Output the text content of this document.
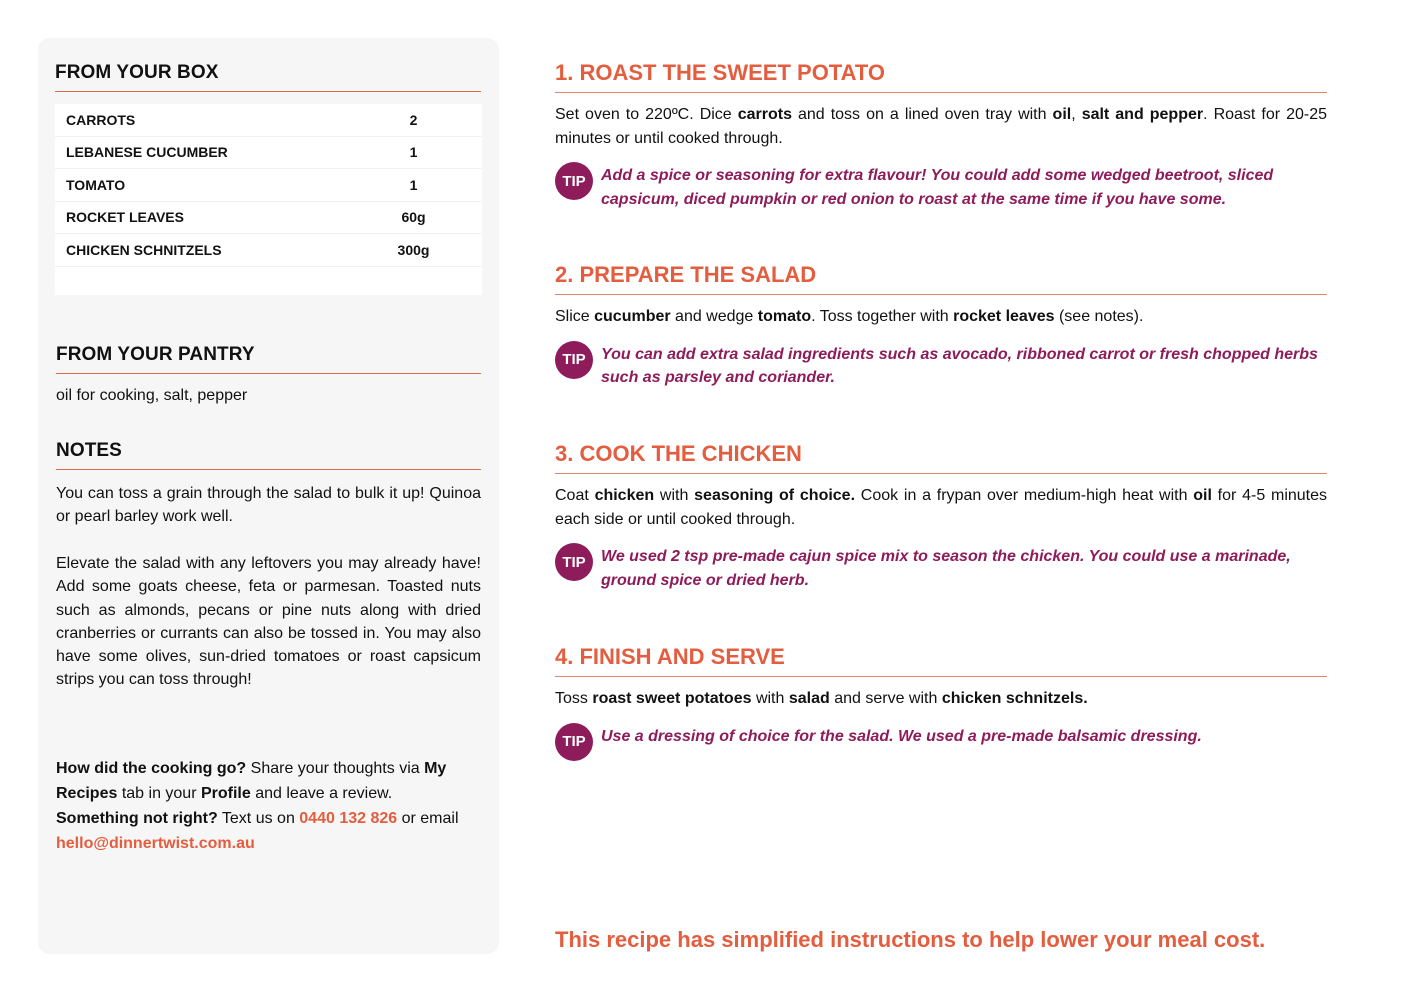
FROM YOUR BOX
CARROTS	2
LEBANESE CUCUMBER	1
TOMATO	1
ROCKET LEAVES	60g
CHICKEN SCHNITZELS	300g
FROM YOUR PANTRY
oil for cooking, salt, pepper
NOTES

You can toss a grain through the salad to bulk it up! Quinoa or pearl barley work well.

Elevate the salad with any leftovers you may already have! Add some goats cheese, feta or parmesan. Toasted nuts such as almonds, pecans or pine nuts along with dried cranberries or currants can also be tossed in. You may also have some olives, sun-dried tomatoes or roast capsicum strips you can toss through!

How did the cooking go? Share your thoughts via My Recipes tab in your Profile and leave a review.
Something not right? Text us on 0440 132 826 or email hello@dinnertwist.com.au

1. ROAST THE SWEET POTATO

Set oven to 220ºC. Dice carrots and toss on a lined oven tray with oil, salt and pepper. Roast for 20-25 minutes or until cooked through.

TIP Add a spice or seasoning for extra flavour! You could add some wedged beetroot, sliced capsicum, diced pumpkin or red onion to roast at the same time if you have some.

2. PREPARE THE SALAD

Slice cucumber and wedge tomato. Toss together with rocket leaves (see notes).

TIP You can add extra salad ingredients such as avocado, ribboned carrot or fresh chopped herbs such as parsley and coriander.

3. COOK THE CHICKEN

Coat chicken with seasoning of choice. Cook in a frypan over medium-high heat with oil for 4-5 minutes each side or until cooked through.

TIP We used 2 tsp pre-made cajun spice mix to season the chicken. You could use a marinade, ground spice or dried herb.

4. FINISH AND SERVE

Toss roast sweet potatoes with salad and serve with chicken schnitzels.

TIP Use a dressing of choice for the salad. We used a pre-made balsamic dressing.

This recipe has simplified instructions to help lower your meal cost.
